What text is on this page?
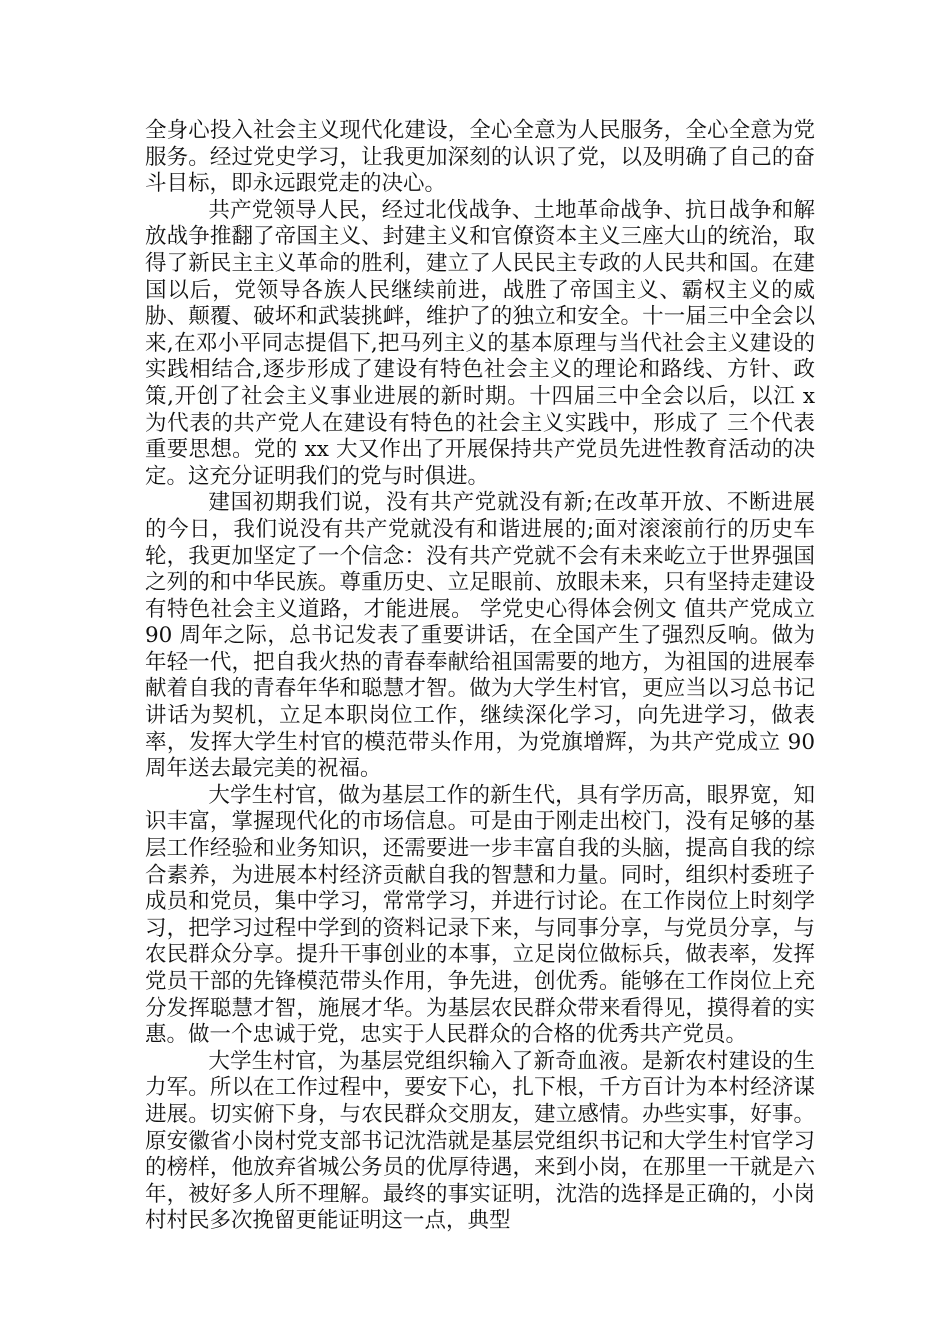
全身心投入社会主义现代化建设，全心全意为人民服务，全心全意为党服务。经过党史学习，让我更加深刻的认识了党，以及明确了自己的奋斗目标，即永远跟党走的决心。

共产党领导人民，经过北伐战争、土地革命战争、抗日战争和解放战争推翻了帝国主义、封建主义和官僚资本主义三座大山的统治，取得了新民主主义革命的胜利，建立了人民民主专政的人民共和国。在建国以后，党领导各族人民继续前进，战胜了帝国主义、霸权主义的威胁、颠覆、破坏和武装挑衅，维护了的独立和安全。十一届三中全会以来,在邓小平同志提倡下,把马列主义的基本原理与当代社会主义建设的实践相结合,逐步形成了建设有特色社会主义的理论和路线、方针、政策,开创了社会主义事业进展的新时期。十四届三中全会以后，以江 x 为代表的共产党人在建设有特色的社会主义实践中，形成了 三个代表 重要思想。党的 xx 大又作出了开展保持共产党员先进性教育活动的决定。这充分证明我们的党与时俱进。

建国初期我们说，没有共产党就没有新;在改革开放、不断进展的今日，我们说没有共产党就没有和谐进展的;面对滚滚前行的历史车轮，我更加坚定了一个信念：没有共产党就不会有未来屹立于世界强国之列的和中华民族。尊重历史、立足眼前、放眼未来，只有坚持走建设有特色社会主义道路，才能进展。 学党史心得体会例文 值共产党成立 90 周年之际，总书记发表了重要讲话，在全国产生了强烈反响。做为年轻一代，把自我火热的青春奉献给祖国需要的地方，为祖国的进展奉献着自我的青春年华和聪慧才智。做为大学生村官，更应当以习总书记讲话为契机，立足本职岗位工作，继续深化学习，向先进学习，做表率，发挥大学生村官的模范带头作用，为党旗增辉，为共产党成立 90 周年送去最完美的祝福。

大学生村官，做为基层工作的新生代，具有学历高，眼界宽，知识丰富，掌握现代化的市场信息。可是由于刚走出校门，没有足够的基层工作经验和业务知识，还需要进一步丰富自我的头脑，提高自我的综合素养，为进展本村经济贡献自我的智慧和力量。同时，组织村委班子成员和党员，集中学习，常常学习，并进行讨论。在工作岗位上时刻学习，把学习过程中学到的资料记录下来，与同事分享，与党员分享，与农民群众分享。提升干事创业的本事，立足岗位做标兵，做表率，发挥党员干部的先锋模范带头作用，争先进，创优秀。能够在工作岗位上充分发挥聪慧才智，施展才华。为基层农民群众带来看得见，摸得着的实惠。做一个忠诚于党，忠实于人民群众的合格的优秀共产党员。

大学生村官，为基层党组织输入了新奇血液。是新农村建设的生力军。所以在工作过程中，要安下心，扎下根，千方百计为本村经济谋进展。切实俯下身，与农民群众交朋友，建立感情。办些实事，好事。原安徽省小岗村党支部书记沈浩就是基层党组织书记和大学生村官学习的榜样，他放弃省城公务员的优厚待遇，来到小岗，在那里一干就是六年，被好多人所不理解。最终的事实证明，沈浩的选择是正确的，小岗村村民多次挽留更能证明这一点，典型
